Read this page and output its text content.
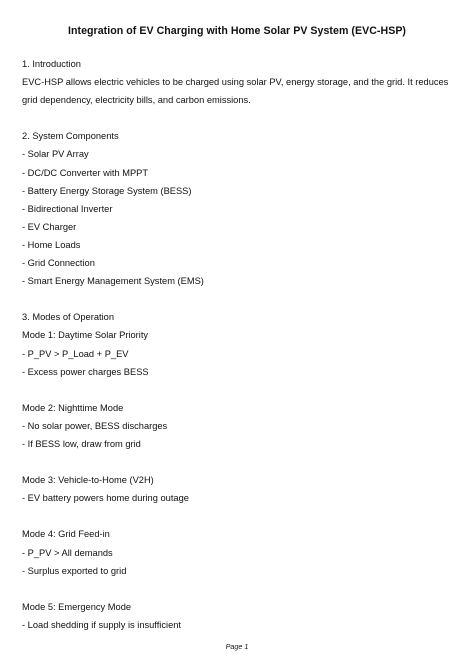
Integration of EV Charging with Home Solar PV System (EVC-HSP)
1. Introduction
EVC-HSP allows electric vehicles to be charged using solar PV, energy storage, and the grid. It reduces grid dependency, electricity bills, and carbon emissions.
2. System Components
- Solar PV Array
- DC/DC Converter with MPPT
- Battery Energy Storage System (BESS)
- Bidirectional Inverter
- EV Charger
- Home Loads
- Grid Connection
- Smart Energy Management System (EMS)
3. Modes of Operation
Mode 1: Daytime Solar Priority
- P_PV > P_Load + P_EV
- Excess power charges BESS
Mode 2: Nighttime Mode
- No solar power, BESS discharges
- If BESS low, draw from grid
Mode 3: Vehicle-to-Home (V2H)
- EV battery powers home during outage
Mode 4: Grid Feed-in
- P_PV > All demands
- Surplus exported to grid
Mode 5: Emergency Mode
- Load shedding if supply is insufficient
Page 1
